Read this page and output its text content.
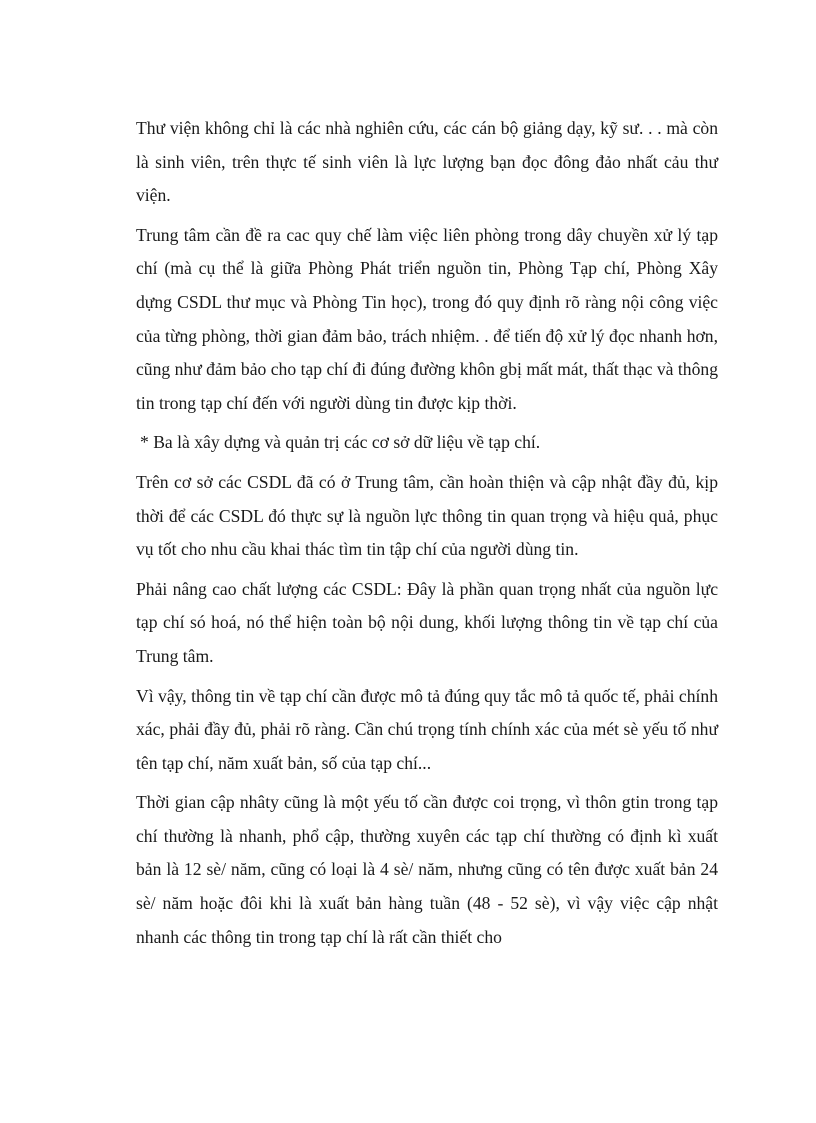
Thư viện không chỉ là các nhà nghiên cứu, các cán bộ giảng dạy, kỹ sư. . . mà còn là sinh viên, trên thực tế sinh viên là lực lượng bạn đọc đông đảo nhất cảu thư viện.

Trung tâm cần đề ra cac quy chế làm việc liên phòng trong dây chuyền xử lý tạp chí (mà cụ thể là giữa Phòng Phát triển nguồn tin, Phòng Tạp chí, Phòng Xây dựng CSDL thư mục và Phòng Tin học), trong đó quy định rõ ràng nội công việc của từng phòng, thời gian đảm bảo, trách nhiệm. . để tiến độ xử lý đọc nhanh hơn, cũng như đảm bảo cho tạp chí đi đúng đường khôn gbị mất mát, thất thạc và thông tin trong tạp chí đến với người dùng tin được kịp thời.

* Ba là xây dựng và quản trị các cơ sở dữ liệu về tạp chí.

Trên cơ sở các CSDL đã có ở Trung tâm, cần hoàn thiện và cập nhật đầy đủ, kịp thời để các CSDL đó thực sự là nguồn lực thông tin quan trọng và hiệu quả, phục vụ tốt cho nhu cầu khai thác tìm tin tập chí của người dùng tin.

Phải nâng cao chất lượng các CSDL: Đây là phần quan trọng nhất của nguồn lực tạp chí só hoá, nó thể hiện toàn bộ nội dung, khối lượng thông tin về tạp chí của Trung tâm.

Vì vậy, thông tin về tạp chí cần được mô tả đúng quy tắc mô tả quốc tế, phải chính xác, phải đầy đủ, phải rõ ràng. Cần chú trọng tính chính xác của mét sè yếu tố như tên tạp chí, năm xuất bản, số của tạp chí...

Thời gian cập nhâty cũng là một yếu tố cần được coi trọng, vì thôn gtin trong tạp chí thường là nhanh, phổ cập, thường xuyên các tạp chí thường có định kì xuất bản là 12 sè/ năm, cũng có loại là 4 sè/ năm, nhưng cũng có tên được xuất bản 24 sè/ năm hoặc đôi khi là xuất bản hàng tuần (48 - 52 sè), vì vậy việc cập nhật nhanh các thông tin trong tạp chí là rất cần thiết cho
